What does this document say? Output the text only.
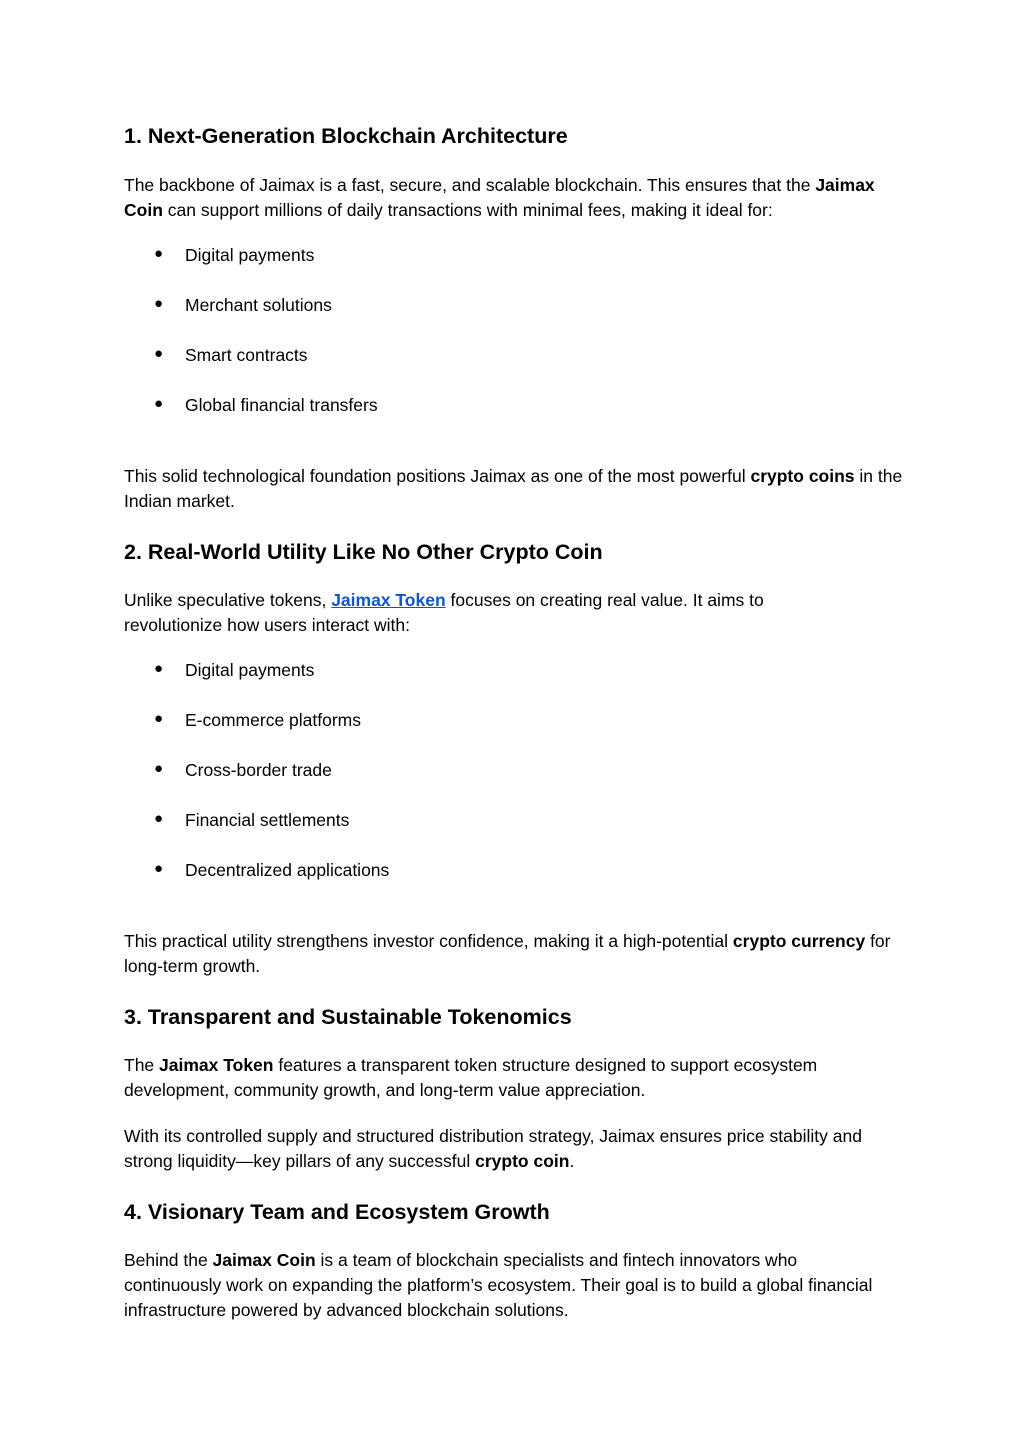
1. Next-Generation Blockchain Architecture

The backbone of Jaimax is a fast, secure, and scalable blockchain. This ensures that the Jaimax Coin can support millions of daily transactions with minimal fees, making it ideal for:

● Digital payments
● Merchant solutions
● Smart contracts
● Global financial transfers

This solid technological foundation positions Jaimax as one of the most powerful crypto coins in the Indian market.

2. Real-World Utility Like No Other Crypto Coin

Unlike speculative tokens, Jaimax Token focuses on creating real value. It aims to revolutionize how users interact with:

● Digital payments
● E-commerce platforms
● Cross-border trade
● Financial settlements
● Decentralized applications

This practical utility strengthens investor confidence, making it a high-potential crypto currency for long-term growth.

3. Transparent and Sustainable Tokenomics

The Jaimax Token features a transparent token structure designed to support ecosystem development, community growth, and long-term value appreciation.

With its controlled supply and structured distribution strategy, Jaimax ensures price stability and strong liquidity—key pillars of any successful crypto coin.

4. Visionary Team and Ecosystem Growth

Behind the Jaimax Coin is a team of blockchain specialists and fintech innovators who continuously work on expanding the platform’s ecosystem. Their goal is to build a global financial infrastructure powered by advanced blockchain solutions.
